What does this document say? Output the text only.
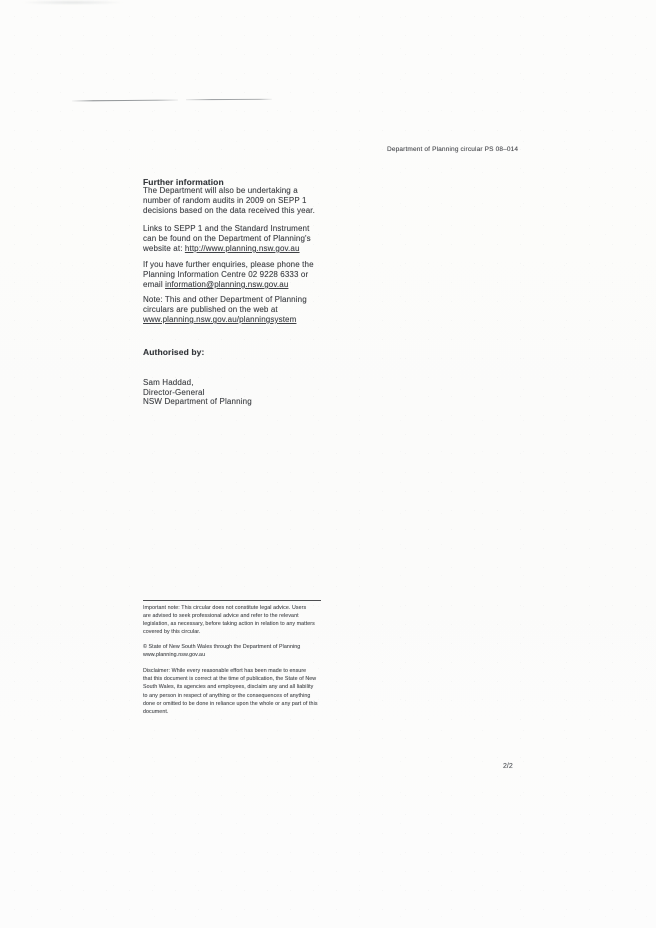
Department of Planning circular PS 08–014
Further information
The Department will also be undertaking a
number of random audits in 2009 on SEPP 1
decisions based on the data received this year.
Links to SEPP 1 and the Standard Instrument
can be found on the Department of Planning's
website at: http://www.planning.nsw.gov.au
If you have further enquiries, please phone the
Planning Information Centre 02 9228 6333 or
email information@planning.nsw.gov.au
Note: This and other Department of Planning
circulars are published on the web at
www.planning.nsw.gov.au/planningsystem
Authorised by:
Sam Haddad,
Director-General
NSW Department of Planning
Important note: This circular does not constitute legal advice. Users
are advised to seek professional advice and refer to the relevant
legislation, as necessary, before taking action in relation to any matters
covered by this circular.
© State of New South Wales through the Department of Planning
www.planning.nsw.gov.au
Disclaimer: While every reasonable effort has been made to ensure
that this document is correct at the time of publication, the State of New
South Wales, its agencies and employees, disclaim any and all liability
to any person in respect of anything or the consequences of anything
done or omitted to be done in reliance upon the whole or any part of this
document.
2/2
